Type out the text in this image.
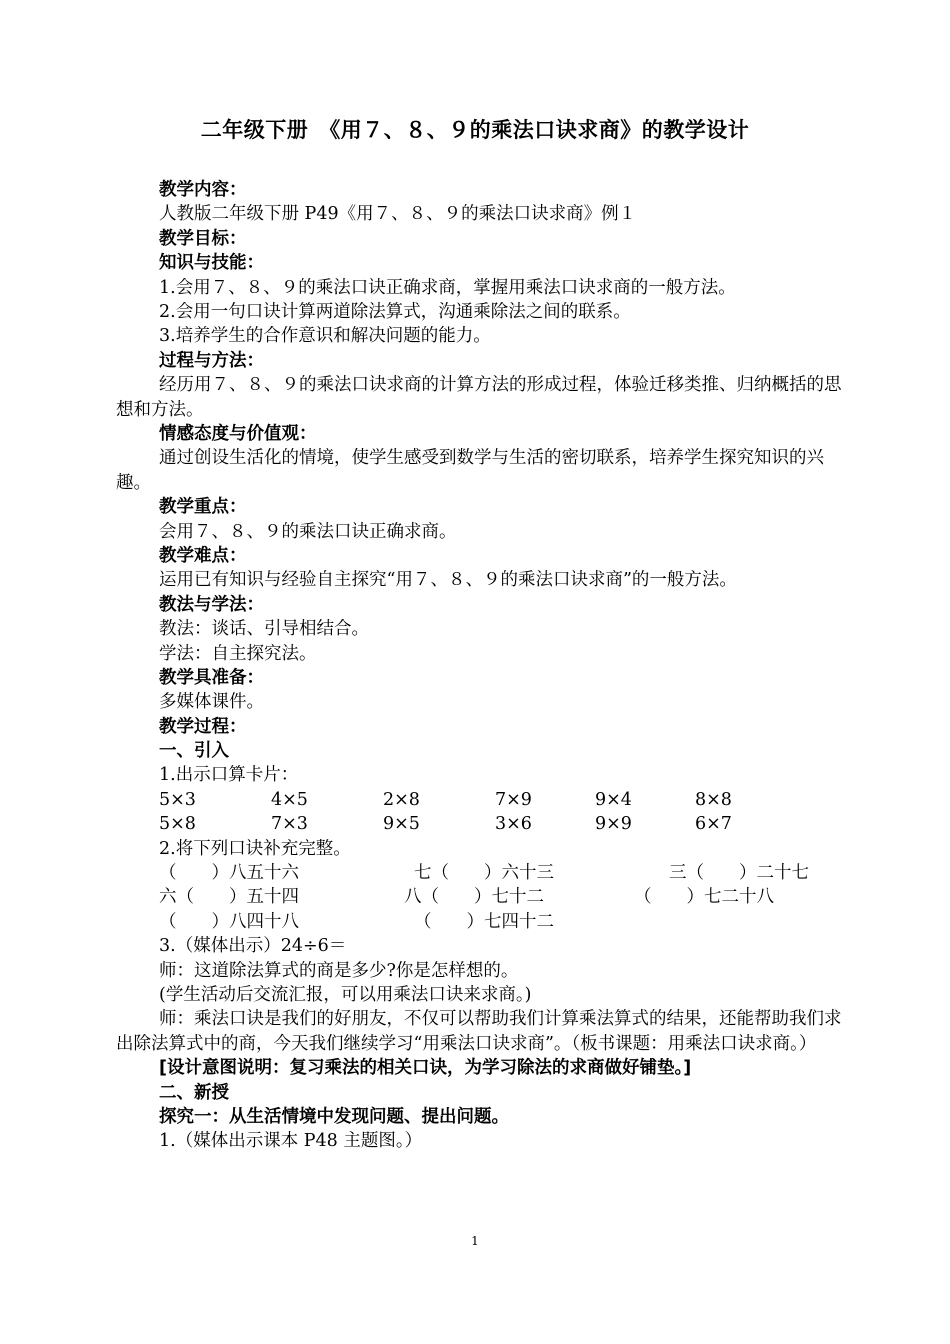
二年级下册　《用７、８、９的乘法口诀求商》的教学设计
教学内容：
人教版二年级下册 P49《用７、８、９的乘法口诀求商》例１
教学目标：
知识与技能：
1.会用７、８、９的乘法口诀正确求商，掌握用乘法口诀求商的一般方法。
2.会用一句口诀计算两道除法算式，沟通乘除法之间的联系。
3.培养学生的合作意识和解决问题的能力。
过程与方法：
经历用７、８、９的乘法口诀求商的计算方法的形成过程，体验迁移类推、归纳概括的思想和方法。
情感态度与价值观：
通过创设生活化的情境，使学生感受到数学与生活的密切联系，培养学生探究知识的兴趣。
教学重点：
会用７、８、９的乘法口诀正确求商。
教学难点：
运用已有知识与经验自主探究“用７、８、９的乘法口诀求商”的一般方法。
教法与学法：
教法：谈话、引导相结合。
学法：自主探究法。
教学具准备：
多媒体课件。
教学过程：
一、引入
1.出示口算卡片：
5×3	4×5	2×8	7×9	9×4	8×8
5×8	7×3	9×5	3×6	9×9	6×7
2.将下列口诀补充完整。
（　　）八五十六	七（　　）六十三	三（　　）二十七
六（　　）五十四	八（　　）七十二	（　　）七二十八
（　　）八四十八	（　　）七四十二
3.（媒体出示）24÷6＝
师：这道除法算式的商是多少?你是怎样想的。
(学生活动后交流汇报，可以用乘法口诀来求商。)
师：乘法口诀是我们的好朋友，不仅可以帮助我们计算乘法算式的结果，还能帮助我们求出除法算式中的商，今天我们继续学习“用乘法口诀求商”。（板书课题：用乘法口诀求商。）
[设计意图说明：复习乘法的相关口诀，为学习除法的求商做好铺垫。]
二、新授
探究一：从生活情境中发现问题、提出问题。
1.（媒体出示课本 P48 主题图。）
1
